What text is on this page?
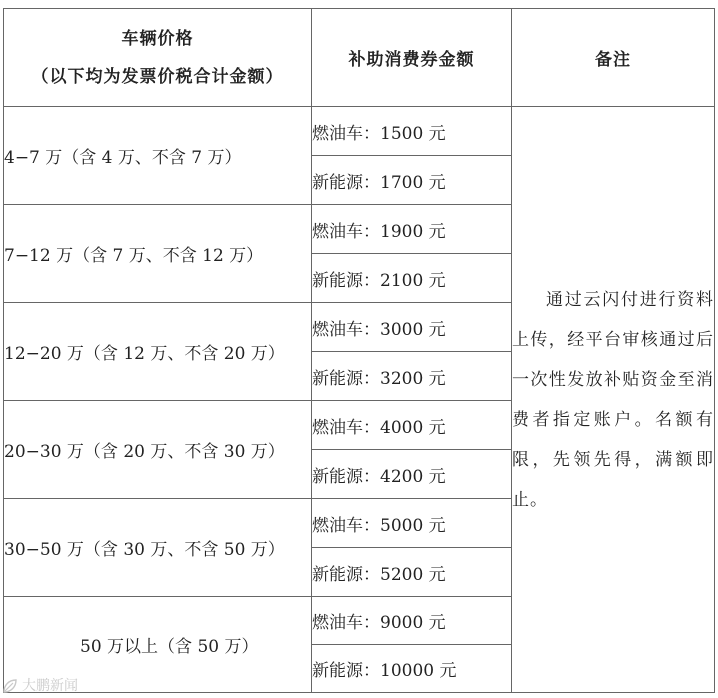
车辆价格
（以下均为发票价税合计金额）	补助消费券金额	备注
4−7 万（含 4 万、不含 7 万）	燃油车：1500 元	通过云闪付进行资料上传，经平台审核通过后一次性发放补贴资金至消费者指定账户。名额有限，先领先得，满额即止。

	新能源：1700 元	
7−12 万（含 7 万、不含 12 万）	燃油车：1900 元	
	新能源：2100 元	
12−20 万（含 12 万、不含 20 万）	燃油车：3000 元	
	新能源：3200 元	
20−30 万（含 20 万、不含 30 万）	燃油车：4000 元	
	新能源：4200 元	
30−50 万（含 30 万、不含 50 万）	燃油车：5000 元	
	新能源：5200 元	
50 万以上（含 50 万）	燃油车：9000 元	
	新能源：10000 元	
大鹏新闻
